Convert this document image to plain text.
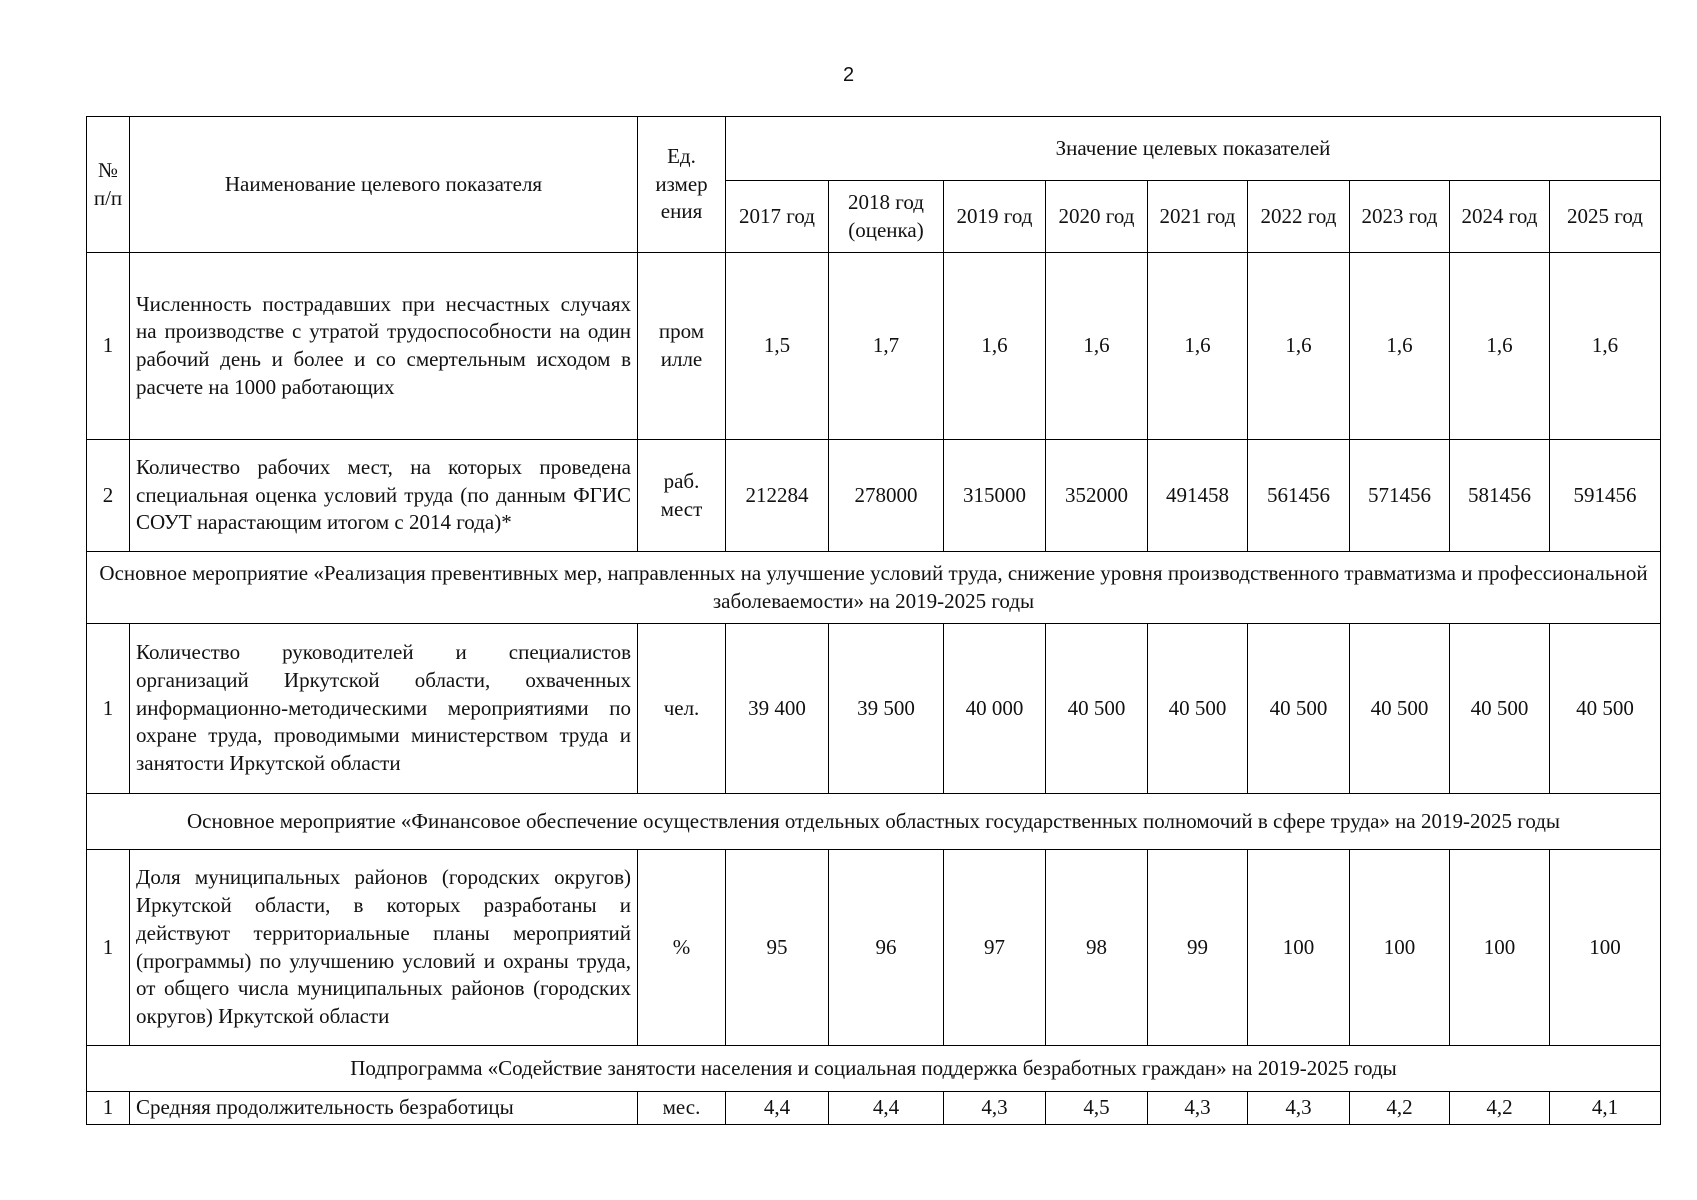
2
№ п/п	Наименование целевого показателя	Ед. измер ения	Значение целевых показателей								
			2017 год	2018 год (оценка)	2019 год	2020 год	2021 год	2022 год	2023 год	2024 год	2025 год
1	Численность пострадавших при несчастных случаях на производстве с утратой трудоспособности на один рабочий день и более и со смертельным исходом в расчете на 1000 работающих	пром илле	1,5	1,7	1,6	1,6	1,6	1,6	1,6	1,6	1,6
2	Количество рабочих мест, на которых проведена специальная оценка условий труда (по данным ФГИС СОУТ нарастающим итогом с 2014 года)*	раб. мест	212284	278000	315000	352000	491458	561456	571456	581456	591456
Основное мероприятие «Реализация превентивных мер, направленных на улучшение условий труда, снижение уровня производственного травматизма и профессиональной заболеваемости» на 2019-2025 годы											
1	Количество руководителей и специалистов организаций Иркутской области, охваченных информационно-методическими мероприятиями по охране труда, проводимыми министерством труда и занятости Иркутской области	чел.	39 400	39 500	40 000	40 500	40 500	40 500	40 500	40 500	40 500
Основное мероприятие «Финансовое обеспечение осуществления отдельных областных государственных полномочий в сфере труда» на 2019-2025 годы											
1	Доля муниципальных районов (городских округов) Иркутской области, в которых разработаны и действуют территориальные планы мероприятий (программы) по улучшению условий и охраны труда, от общего числа муниципальных районов (городских округов) Иркутской области	%	95	96	97	98	99	100	100	100	100
Подпрограмма «Содействие занятости населения и социальная поддержка безработных граждан» на 2019-2025 годы											
1	Средняя продолжительность безработицы	мес.	4,4	4,4	4,3	4,5	4,3	4,3	4,2	4,2	4,1
